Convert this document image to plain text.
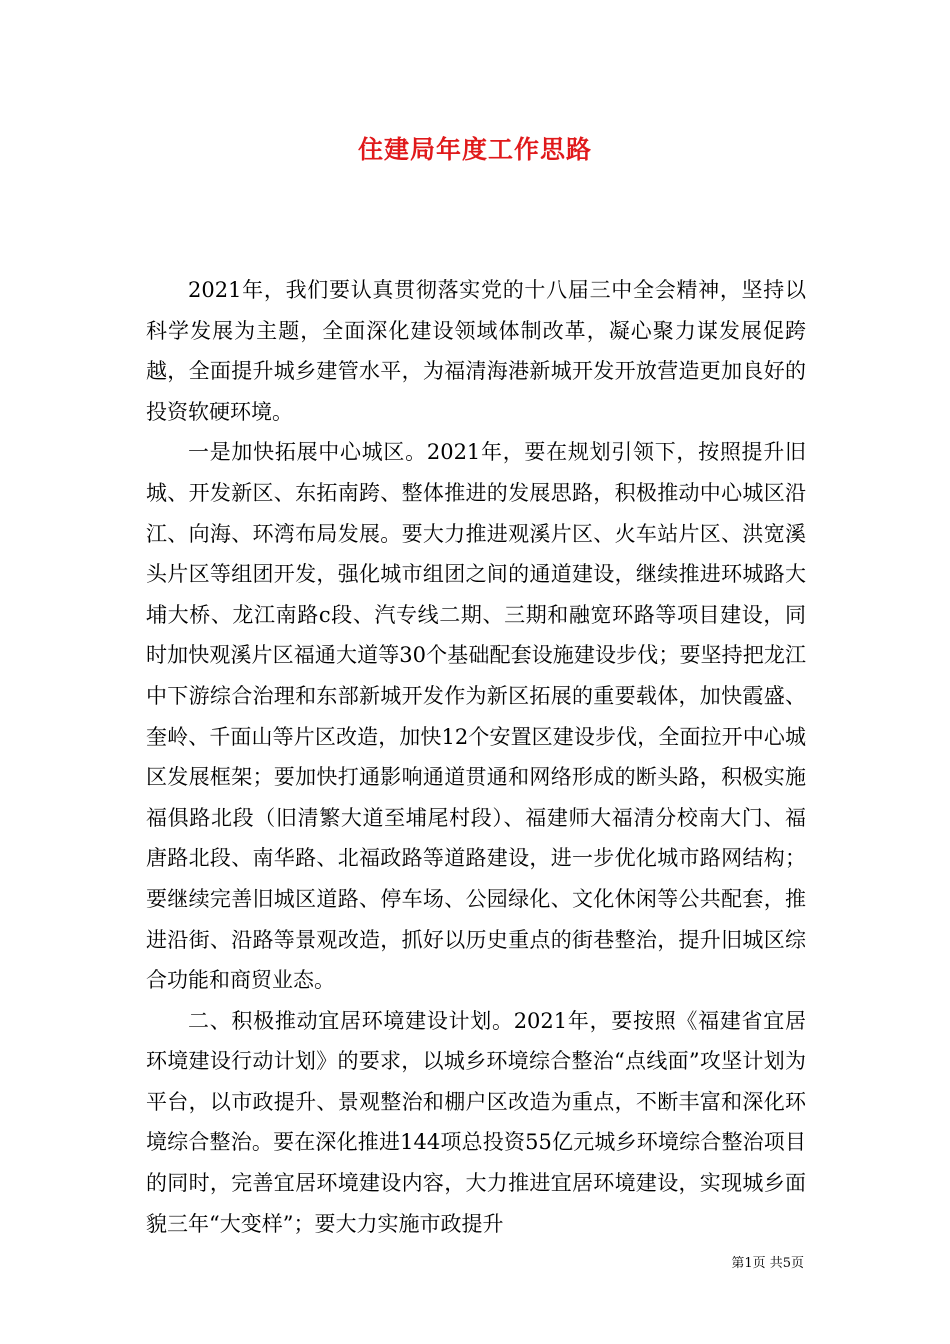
住建局年度工作思路

2021年，我们要认真贯彻落实党的十八届三中全会精神，坚持以科学发展为主题，全面深化建设领域体制改革，凝心聚力谋发展促跨越，全面提升城乡建管水平，为福清海港新城开发开放营造更加良好的投资软硬环境。

一是加快拓展中心城区。2021年，要在规划引领下，按照提升旧城、开发新区、东拓南跨、整体推进的发展思路，积极推动中心城区沿江、向海、环湾布局发展。要大力推进观溪片区、火车站片区、洪宽溪头片区等组团开发，强化城市组团之间的通道建设，继续推进环城路大埔大桥、龙江南路c段、汽专线二期、三期和融宽环路等项目建设，同时加快观溪片区福通大道等30个基础配套设施建设步伐；要坚持把龙江中下游综合治理和东部新城开发作为新区拓展的重要载体，加快霞盛、奎岭、千面山等片区改造，加快12个安置区建设步伐，全面拉开中心城区发展框架；要加快打通影响通道贯通和网络形成的断头路，积极实施福俱路北段（旧清繁大道至埔尾村段）、福建师大福清分校南大门、福唐路北段、南华路、北福政路等道路建设，进一步优化城市路网结构；要继续完善旧城区道路、停车场、公园绿化、文化休闲等公共配套，推进沿街、沿路等景观改造，抓好以历史重点的街巷整治，提升旧城区综合功能和商贸业态。

二、积极推动宜居环境建设计划。2021年，要按照《福建省宜居环境建设行动计划》的要求，以城乡环境综合整治“点线面”攻坚计划为平台，以市政提升、景观整治和棚户区改造为重点，不断丰富和深化环境综合整治。要在深化推进144项总投资55亿元城乡环境综合整治项目的同时，完善宜居环境建设内容，大力推进宜居环境建设，实现城乡面貌三年“大变样”；要大力实施市政提升

第1页 共5页
